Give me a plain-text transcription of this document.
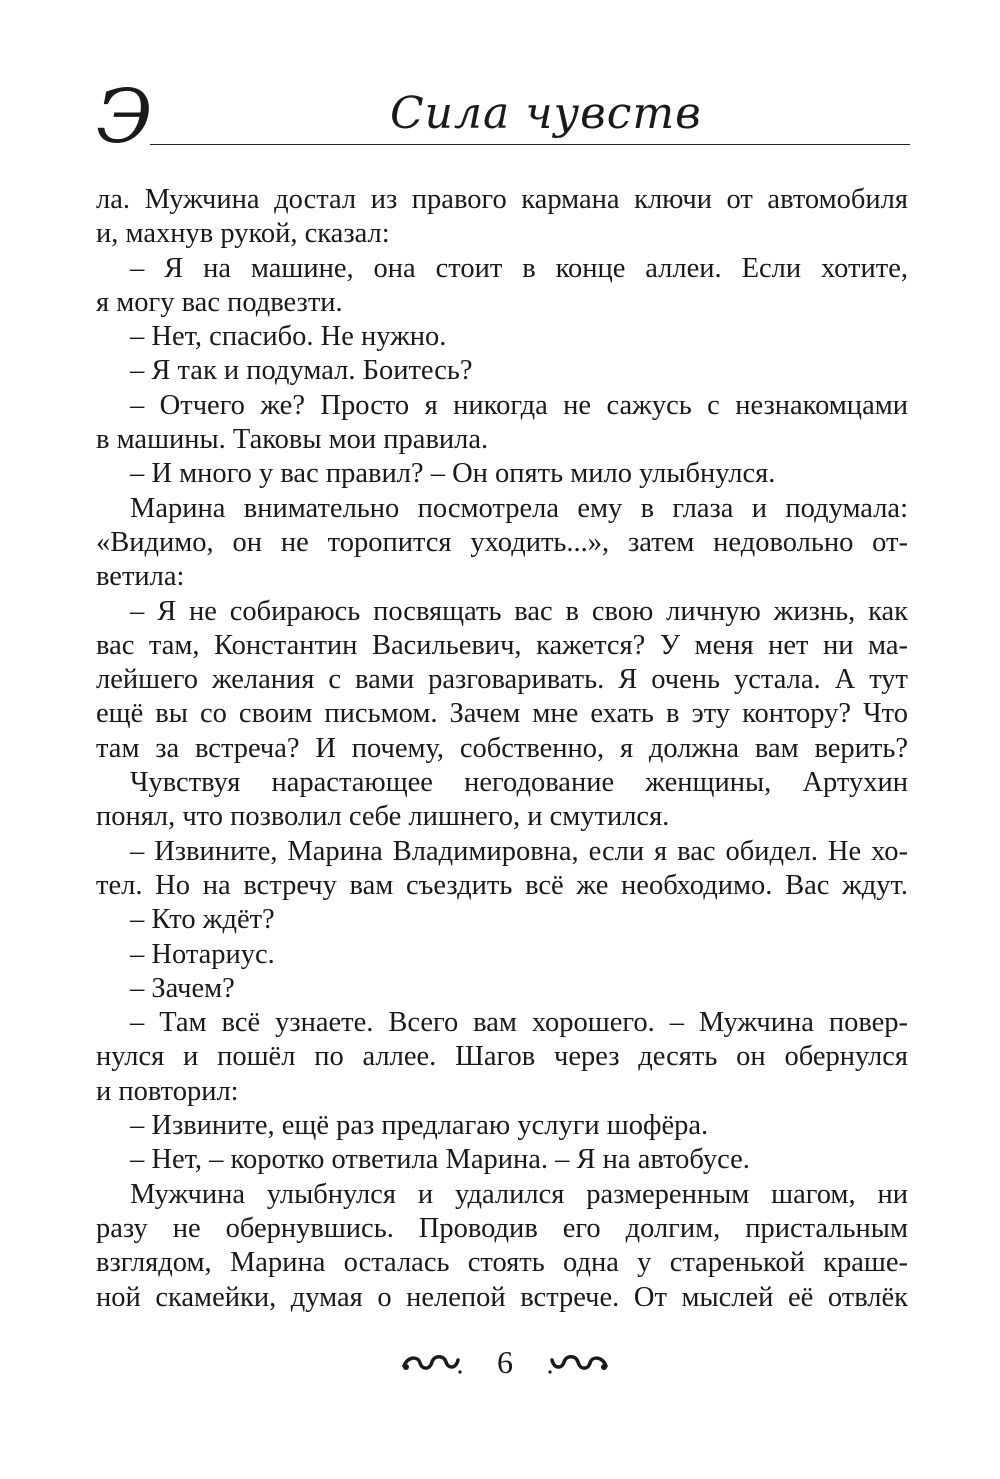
Э	Сила чувств
ла. Мужчина достал из правого кармана ключи от автомобиля
и, махнув рукой, сказал:
– Я на машине, она стоит в конце аллеи. Если хотите,
я могу вас подвезти.
– Нет, спасибо. Не нужно.
– Я так и подумал. Боитесь?
– Отчего же? Просто я никогда не сажусь с незнакомцами
в машины. Таковы мои правила.
– И много у вас правил? – Он опять мило улыбнулся.
Марина внимательно посмотрела ему в глаза и подумала:
«Видимо, он не торопится уходить...», затем недовольно от-
ветила:
– Я не собираюсь посвящать вас в свою личную жизнь, как
вас там, Константин Васильевич, кажется? У меня нет ни ма-
лейшего желания с вами разговаривать. Я очень устала. А тут
ещё вы со своим письмом. Зачем мне ехать в эту контору? Что
там за встреча? И почему, собственно, я должна вам верить?
Чувствуя нарастающее негодование женщины, Артухин
понял, что позволил себе лишнего, и смутился.
– Извините, Марина Владимировна, если я вас обидел. Не хо-
тел. Но на встречу вам съездить всё же необходимо. Вас ждут.
– Кто ждёт?
– Нотариус.
– Зачем?
– Там всё узнаете. Всего вам хорошего. – Мужчина повер-
нулся и пошёл по аллее. Шагов через десять он обернулся
и повторил:
– Извините, ещё раз предлагаю услуги шофёра.
– Нет, – коротко ответила Марина. – Я на автобусе.
Мужчина улыбнулся и удалился размеренным шагом, ни
разу не обернувшись. Проводив его долгим, пристальным
взглядом, Марина осталась стоять одна у старенькой краше-
ной скамейки, думая о нелепой встрече. От мыслей её отвлёк
6
